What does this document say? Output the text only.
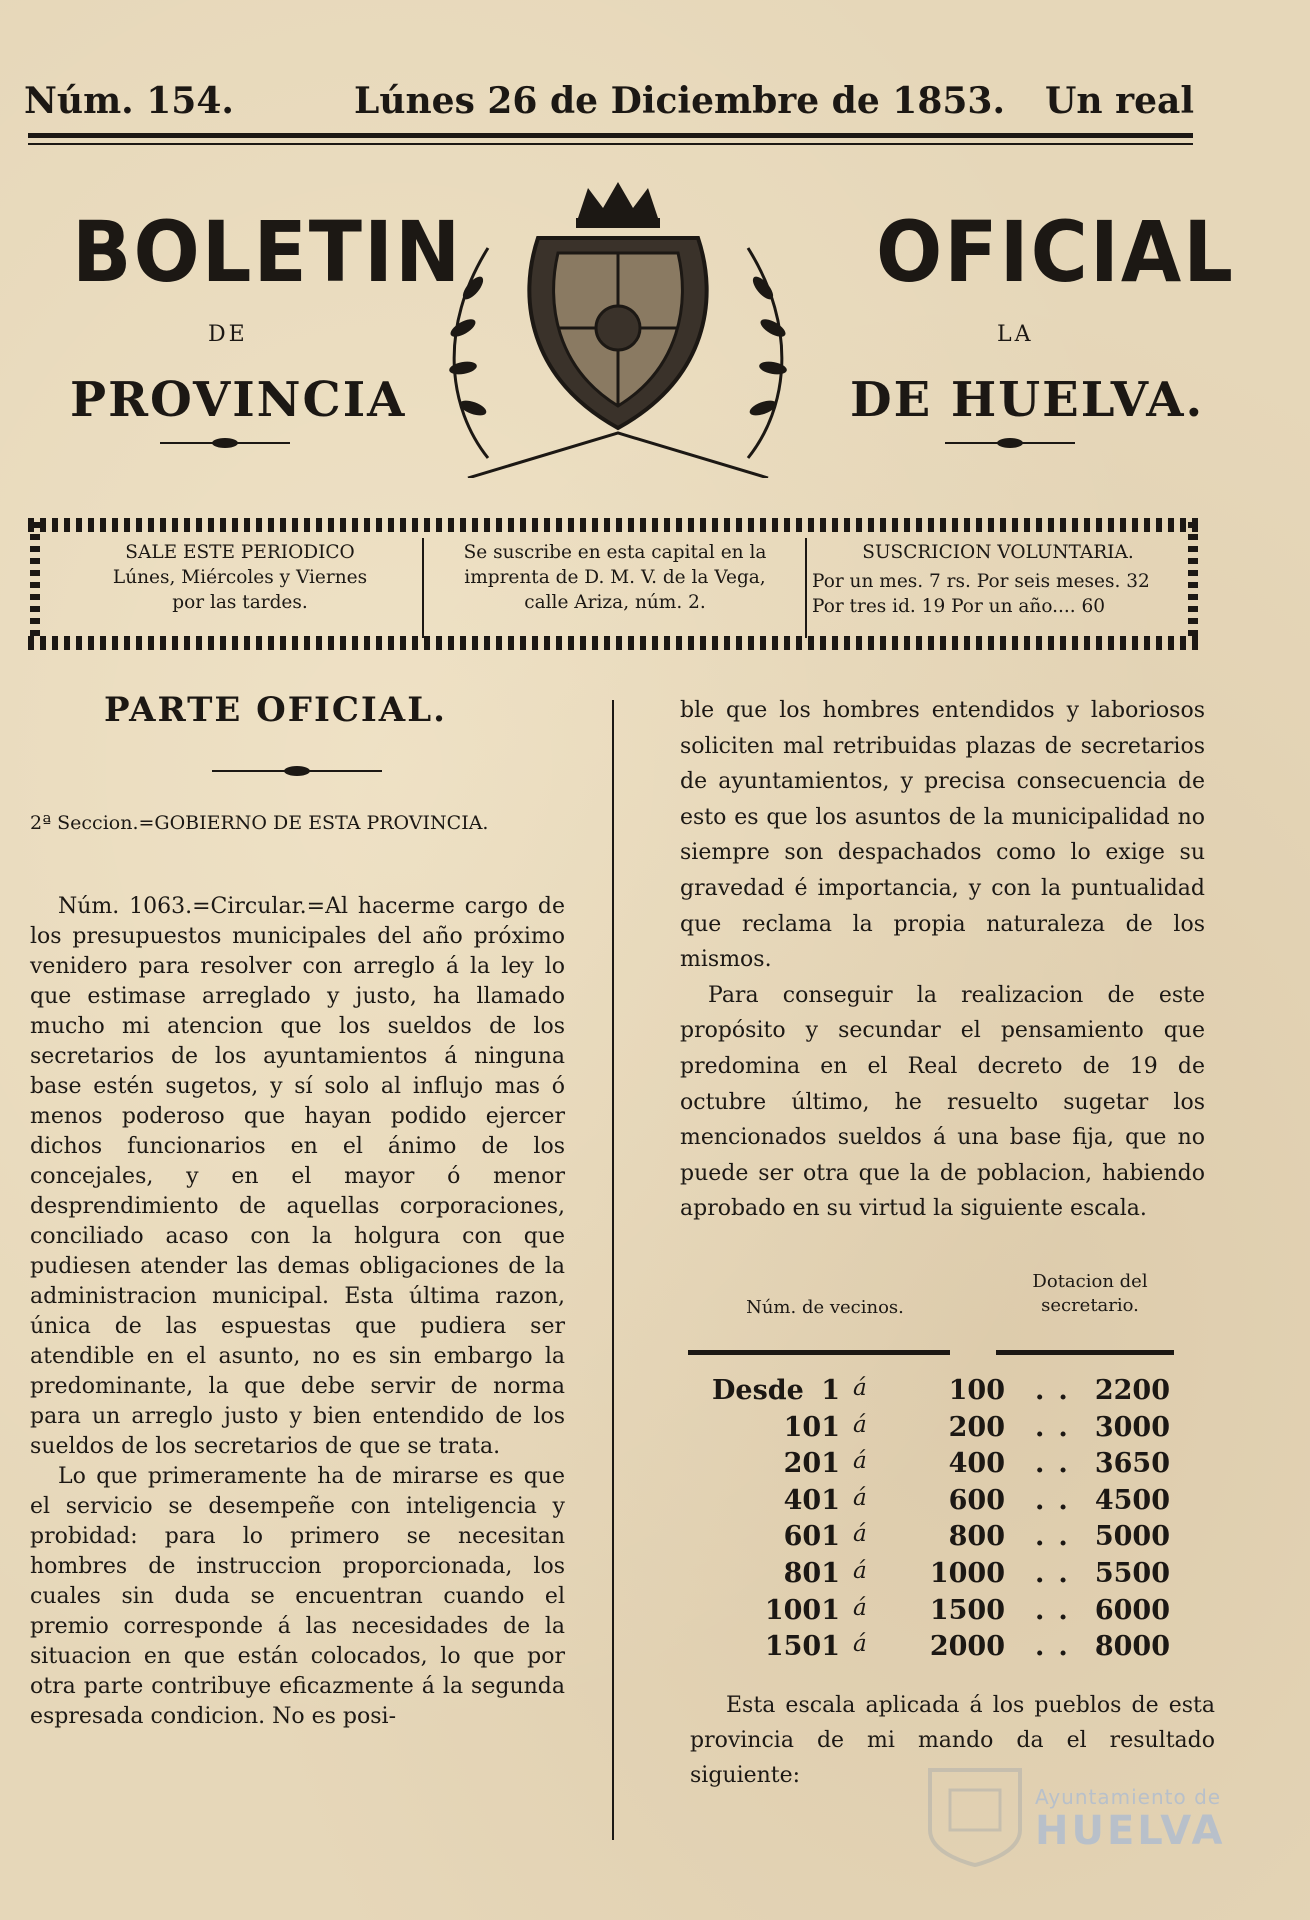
Núm. 154.	Lúnes 26 de Diciembre de 1853. Un real
BOLETIN
DE
PROVINCIA
OFICIAL
LA
DE HUELVA.
SALE ESTE PERIODICO
Lúnes, Miércoles y Viernes
por las tardes.
Se suscribe en esta capital en la
imprenta de D. M. V. de la Vega,
calle Ariza, núm. 2.
SUSCRICION VOLUNTARIA.
Por un mes. 7 rs. Por seis meses. 32
Por tres id. 19 Por un año.... 60
PARTE OFICIAL.
2ª Seccion.=GOBIERNO DE ESTA PROVINCIA.

Núm. 1063.=Circular.=Al hacerme cargo de los presupuestos municipales del año próximo venidero para resolver con arreglo á la ley lo que estimase arreglado y justo, ha llamado mucho mi atencion que los sueldos de los secretarios de los ayuntamientos á ninguna base estén sugetos, y sí solo al influjo mas ó menos poderoso que hayan podido ejercer dichos funcionarios en el ánimo de los concejales, y en el mayor ó menor desprendimiento de aquellas corporaciones, conciliado acaso con la holgura con que pudiesen atender las demas obligaciones de la administracion municipal. Esta última razon, única de las espuestas que pudiera ser atendible en el asunto, no es sin embargo la predominante, la que debe servir de norma para un arreglo justo y bien entendido de los sueldos de los secretarios de que se trata.

Lo que primeramente ha de mirarse es que el servicio se desempeñe con inteligencia y probidad: para lo primero se necesitan hombres de instruccion proporcionada, los cuales sin duda se encuentran cuando el premio corresponde á las necesidades de la situacion en que están colocados, lo que por otra parte contribuye eficazmente á la segunda espresada condicion. No es posi-

ble que los hombres entendidos y laboriosos soliciten mal retribuidas plazas de secretarios de ayuntamientos, y precisa consecuencia de esto es que los asuntos de la municipalidad no siempre son despachados como lo exige su gravedad é importancia, y con la puntualidad que reclama la propia naturaleza de los mismos.

Para conseguir la realizacion de este propósito y secundar el pensamiento que predomina en el Real decreto de 19 de octubre último, he resuelto sugetar los mencionados sueldos á una base fija, que no puede ser otra que la de poblacion, habiendo aprobado en su virtud la siguiente escala.

Núm. de vecinos.
Dotacion del
secretario.
Desde 1 á	100 .. 2200
101 á	200 .. 3000
201 á	400 .. 3650
401 á	600 .. 4500
601 á	800 .. 5000
801 á 1000 .. 5500
1001 á 1500 .. 6000
1501 á 2000 .. 8000

Esta escala aplicada á los pueblos de esta provincia de mi mando da el resultado siguiente:

Ayuntamiento de
HUELVA
